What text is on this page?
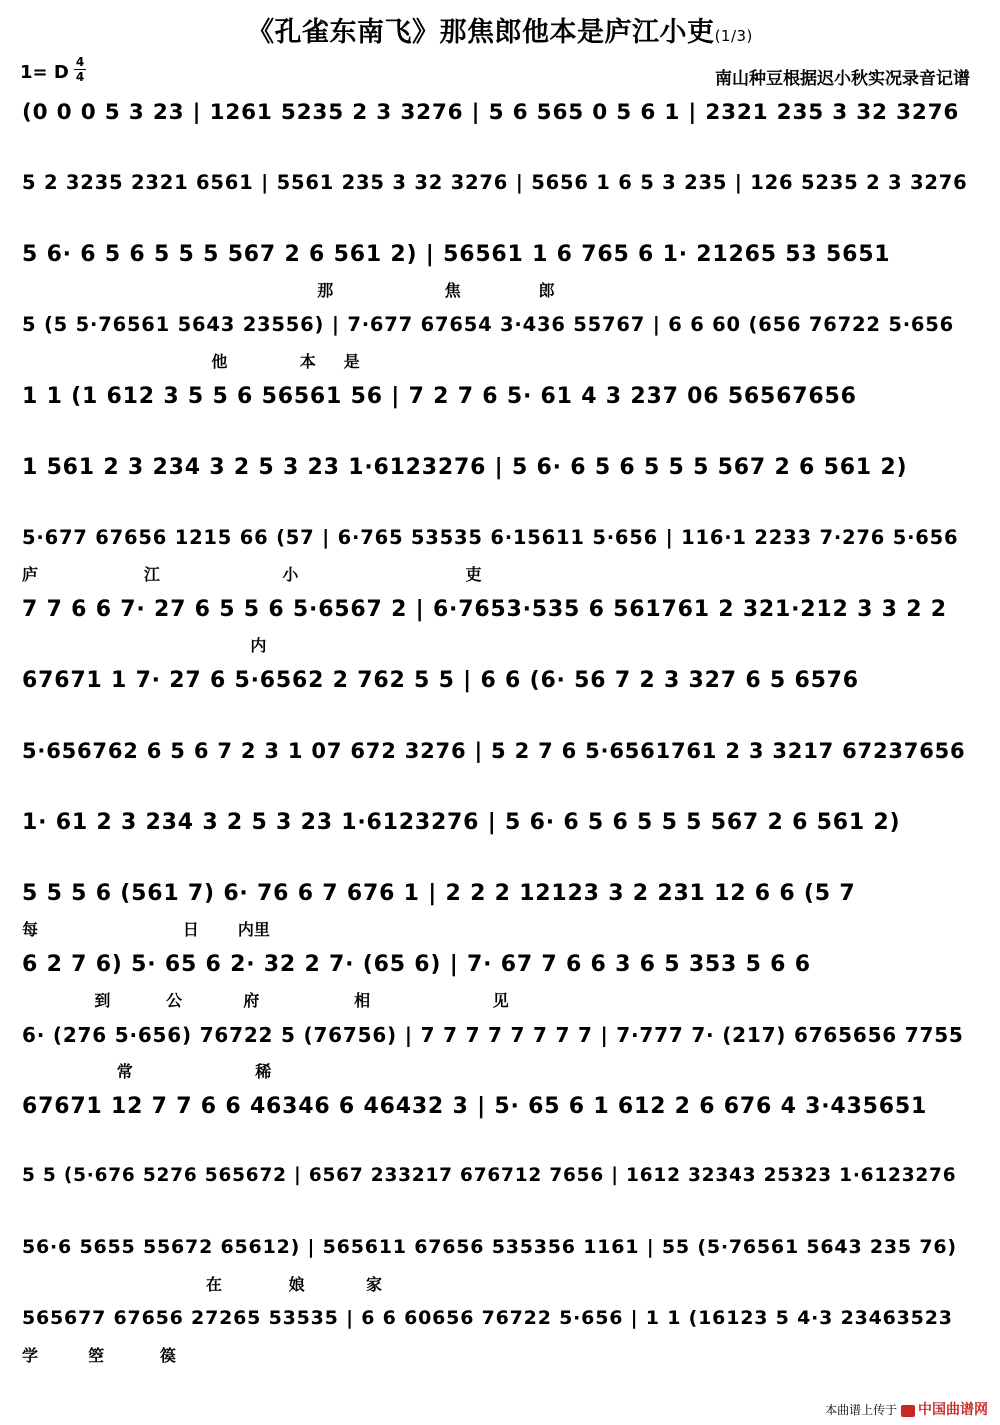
《孔雀东南飞》那焦郎他本是庐江小吏(1/3)
1= D 4
4	南山种豆根据迟小秋实况录音记谱
(0 0 0 5 3 23 | 1261 5235 2 3 3276 | 5 6 565 0 5 6 1 | 2321 235 3 32 3276
5 2 3235 2321 6561 | 5561 235 3 32 3276 | 5656 1 6 5 3 235 | 126 5235 2 3 3276
5 6· 6 5 6 5 5 5 567 2 6 561 2) | 56561 1 6 765 6 1· 21265 53 5651
那                    焦              郎
5 (5 5·76561 5643 23556) | 7·677 67654 3·436 55767 | 6 6 60 (656 76722 5·656
他             本     是
1 1 (1 612 3 5 5 6 56561 56 | 7 2 7 6 5· 61 4 3 237 06 56567656
1 561 2 3 234 3 2 5 3 23 1·6123276 | 5 6· 6 5 6 5 5 5 567 2 6 561 2)
5·677 67656 1215 66 (57 | 6·765 53535 6·15611 5·656 | 116·1 2233 7·276 5·656
庐                   江                      小                              吏
7 7 6 6 7· 27 6 5 5 6 5·6567 2 | 6·7653·535 6 561761 2 321·212 3 3 2 2
内
67671 1 7· 27 6 5·6562 2 762 5 5 | 6 6 (6· 56 7 2 3 327 6 5 6576
5·656762 6 5 6 7 2 3 1 07 672 3276 | 5 2 7 6 5·6561761 2 3 3217 67237656
1· 61 2 3 234 3 2 5 3 23 1·6123276 | 5 6· 6 5 6 5 5 5 567 2 6 561 2)
5 5 5 6 (561 7) 6· 76 6 7 676 1 | 2 2 2 12123 3 2 231 12 6 6 (5 7
每                          日       内里
6 2 7 6) 5· 65 6 2· 32 2 7· (65 6) | 7· 67 7 6 6 3 6 5 353 5 6 6
到          公           府                 相                      见
6· (276 5·656) 76722 5 (76756) | 7 7 7 7 7 7 7 7 | 7·777 7· (217) 6765656 7755
常                      稀
67671 12 7 7 6 6 46346 6 46432 3 | 5· 65 6 1 612 2 6 676 4 3·435651
5 5 (5·676 5276 565672 | 6567 233217 676712 7656 | 1612 32343 25323 1·6123276
56·6 5655 55672 65612) | 565611 67656 535356 1161 | 55 (5·76561 5643 235 76)
在            娘           家
565677 67656 27265 53535 | 6 6 60656 76722 5·656 | 1 1 (16123 5 4·3 23463523
学         箜          篌
本曲谱上传于 中国曲谱网
